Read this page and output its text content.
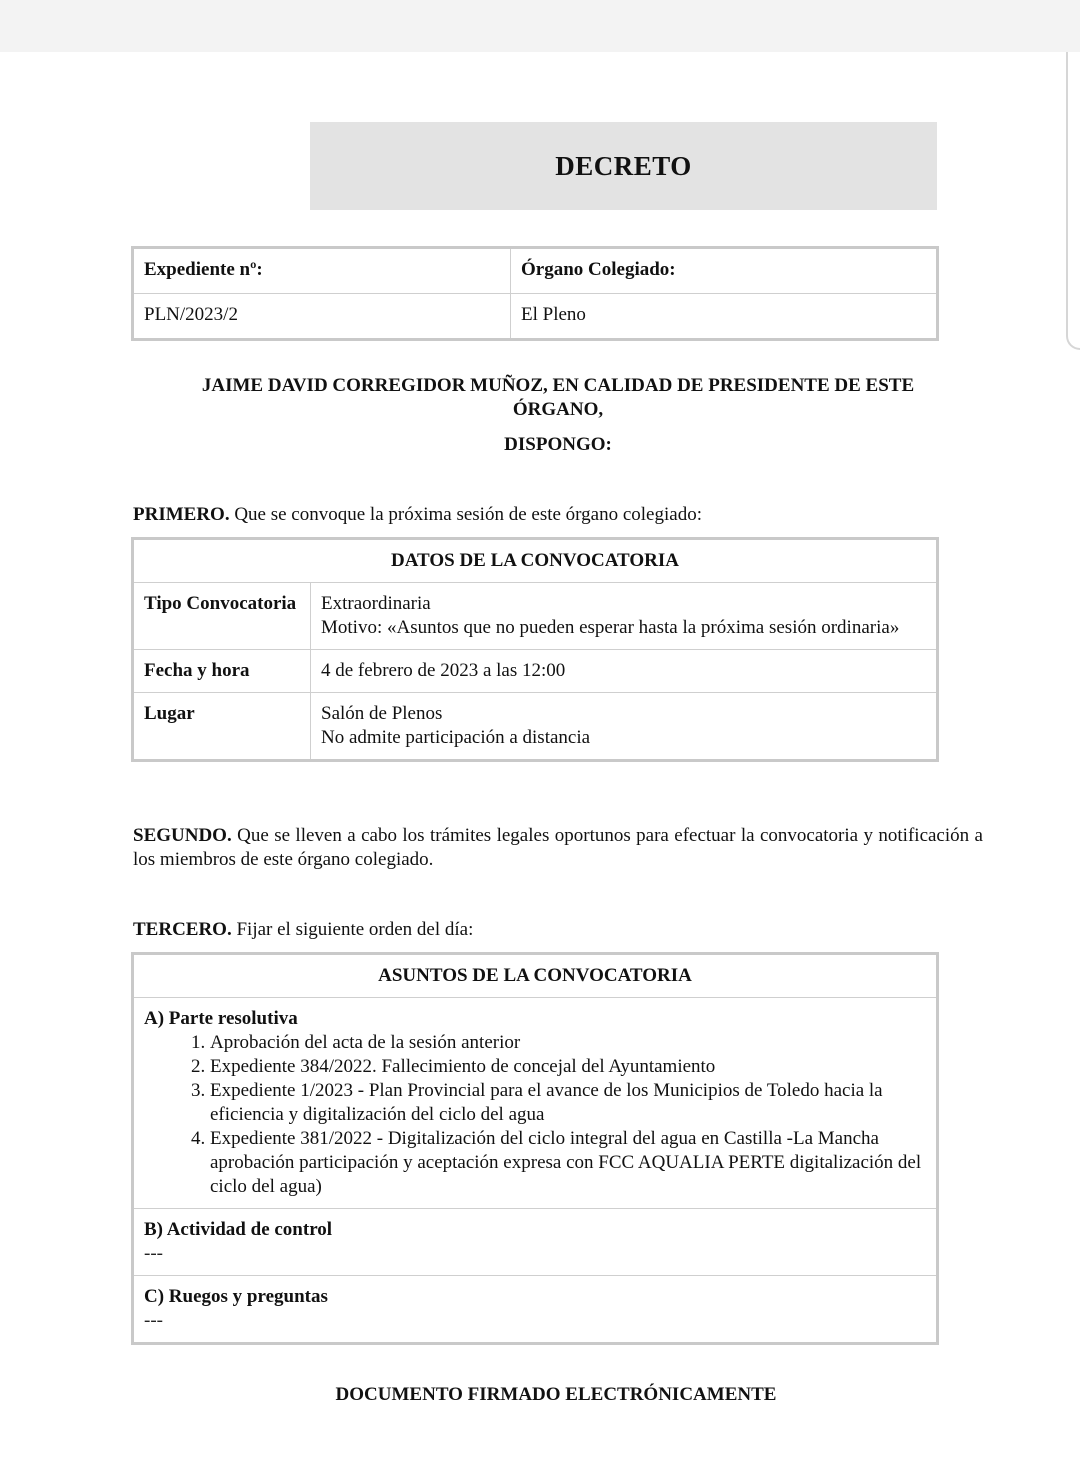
DECRETO
Expediente nº:	Órgano Colegiado:
PLN/2023/2	El Pleno
JAIME DAVID CORREGIDOR MUÑOZ, EN CALIDAD DE PRESIDENTE DE ESTE
ÓRGANO,
DISPONGO:
PRIMERO. Que se convoque la próxima sesión de este órgano colegiado:
DATOS DE LA CONVOCATORIA	
Tipo Convocatoria	Extraordinaria
Motivo: «Asuntos que no pueden esperar hasta la próxima sesión ordinaria»

Fecha y hora	4 de febrero de 2023 a las 12:00
Lugar	Salón de Plenos
No admite participación a distancia
SEGUNDO. Que se lleven a cabo los trámites legales oportunos para efectuar la convocatoria y notificación a los miembros de este órgano colegiado.
TERCERO. Fijar el siguiente orden del día:
ASUNTOS DE LA CONVOCATORIA

A) Parte resolutiva
1. Aprobación del acta de la sesión anterior
2. Expediente 384/2022. Fallecimiento de concejal del Ayuntamiento
3. Expediente 1/2023 - Plan Provincial para el avance de los Municipios de Toledo hacia la eficiencia y digitalización del ciclo del agua
4. Expediente 381/2022 - Digitalización del ciclo integral del agua en Castilla -La Mancha aprobación participación y aceptación expresa con FCC AQUALIA PERTE digitalización del ciclo del agua)

B) Actividad de control
---

C) Ruegos y preguntas
---
DOCUMENTO FIRMADO ELECTRÓNICAMENTE
